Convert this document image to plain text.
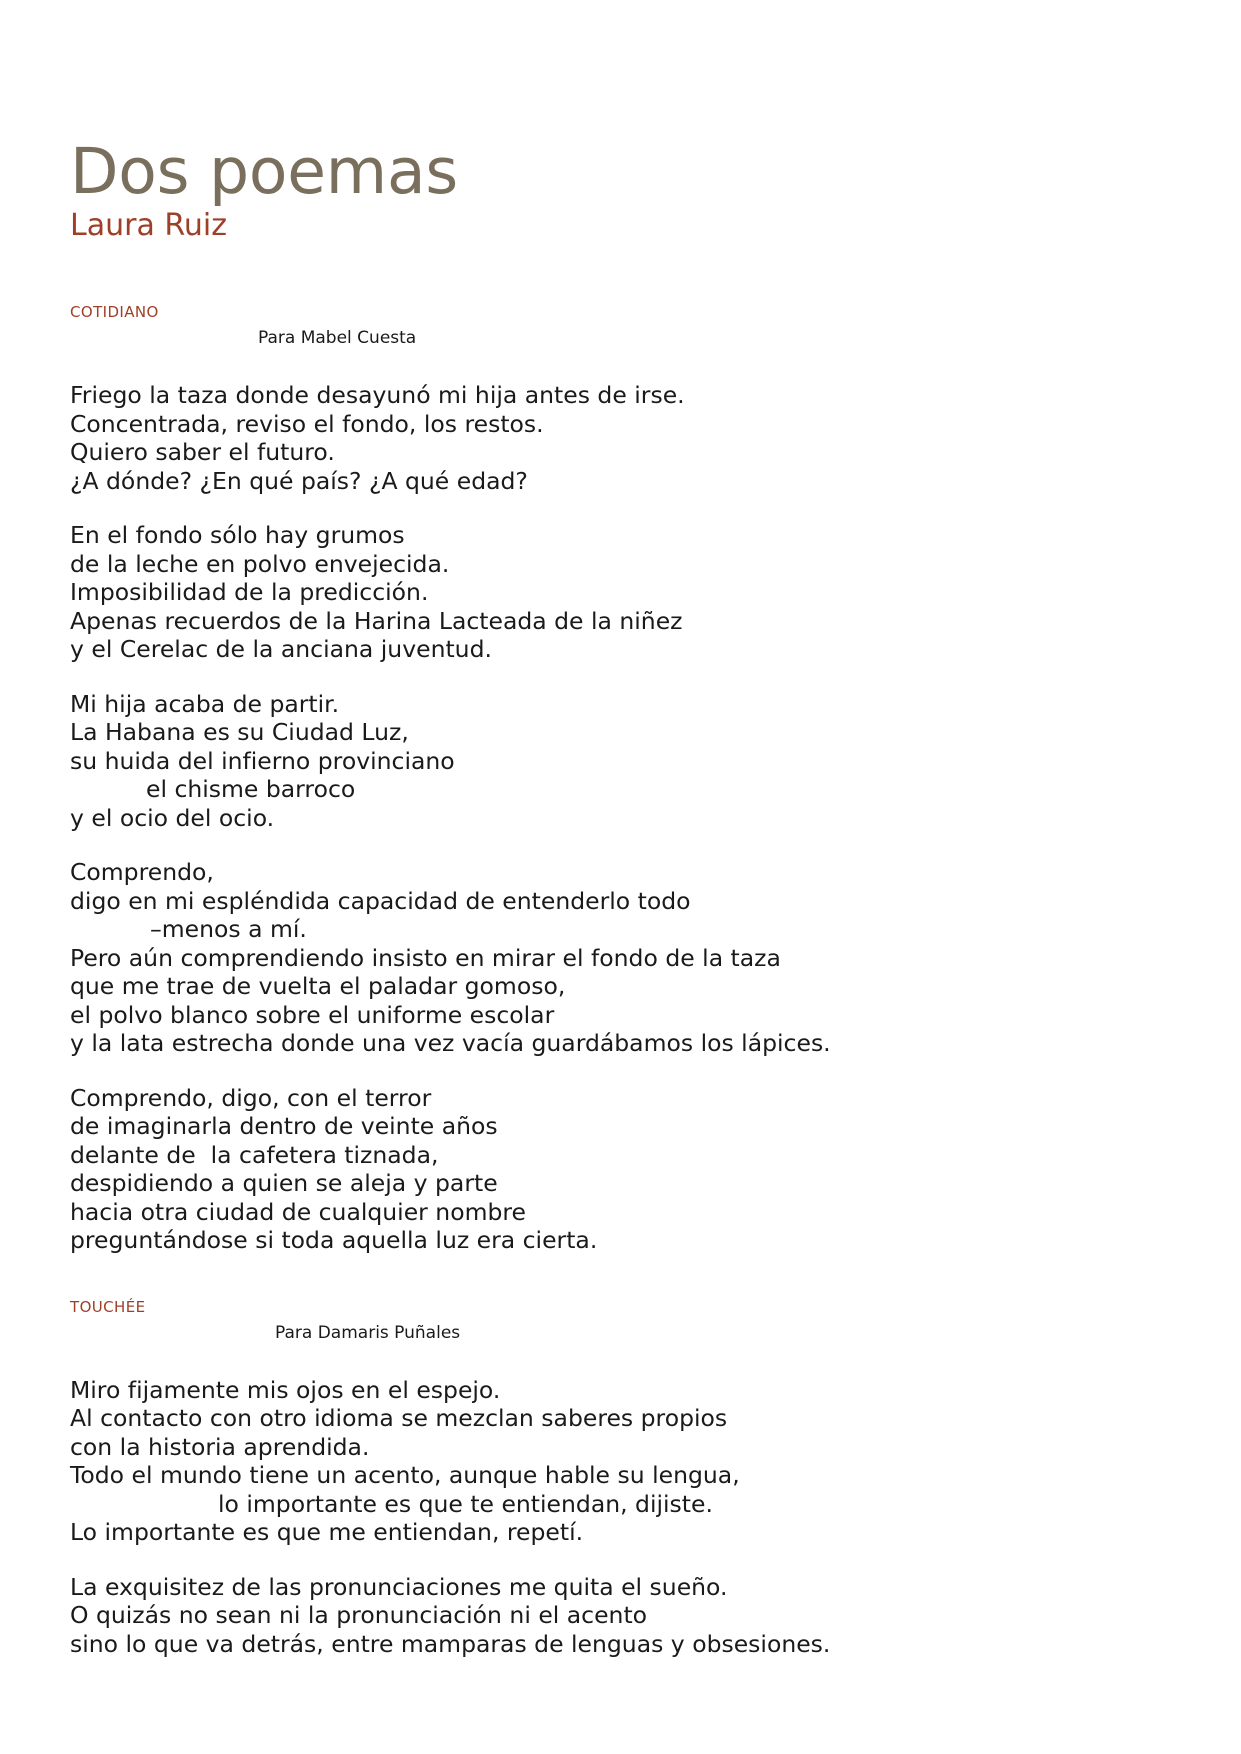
Dos poemas
Laura Ruiz
cotidiano
Para Mabel Cuesta

Friego la taza donde desayunó mi hija antes de irse.

Concentrada, reviso el fondo, los restos.

Quiero saber el futuro.

¿A dónde? ¿En qué país? ¿A qué edad?

En el fondo sólo hay grumos

de la leche en polvo envejecida.

Imposibilidad de la predicción.

Apenas recuerdos de la Harina Lacteada de la niñez

y el Cerelac de la anciana juventud.

Mi hija acaba de partir.

La Habana es su Ciudad Luz,

su huida del infierno provinciano

el chisme barroco

y el ocio del ocio.

Comprendo,

digo en mi espléndida capacidad de entenderlo todo

–menos a mí.

Pero aún comprendiendo insisto en mirar el fondo de la taza

que me trae de vuelta el paladar gomoso,

el polvo blanco sobre el uniforme escolar

y la lata estrecha donde una vez vacía guardábamos los lápices.

Comprendo, digo, con el terror

de imaginarla dentro de veinte años

delante de  la cafetera tiznada,

despidiendo a quien se aleja y parte

hacia otra ciudad de cualquier nombre

preguntándose si toda aquella luz era cierta.

touchée
Para Damaris Puñales

Miro fijamente mis ojos en el espejo.

Al contacto con otro idioma se mezclan saberes propios

con la historia aprendida.

Todo el mundo tiene un acento, aunque hable su lengua,

lo importante es que te entiendan, dijiste.

Lo importante es que me entiendan, repetí.

La exquisitez de las pronunciaciones me quita el sueño.

O quizás no sean ni la pronunciación ni el acento

sino lo que va detrás, entre mamparas de lenguas y obsesiones.
